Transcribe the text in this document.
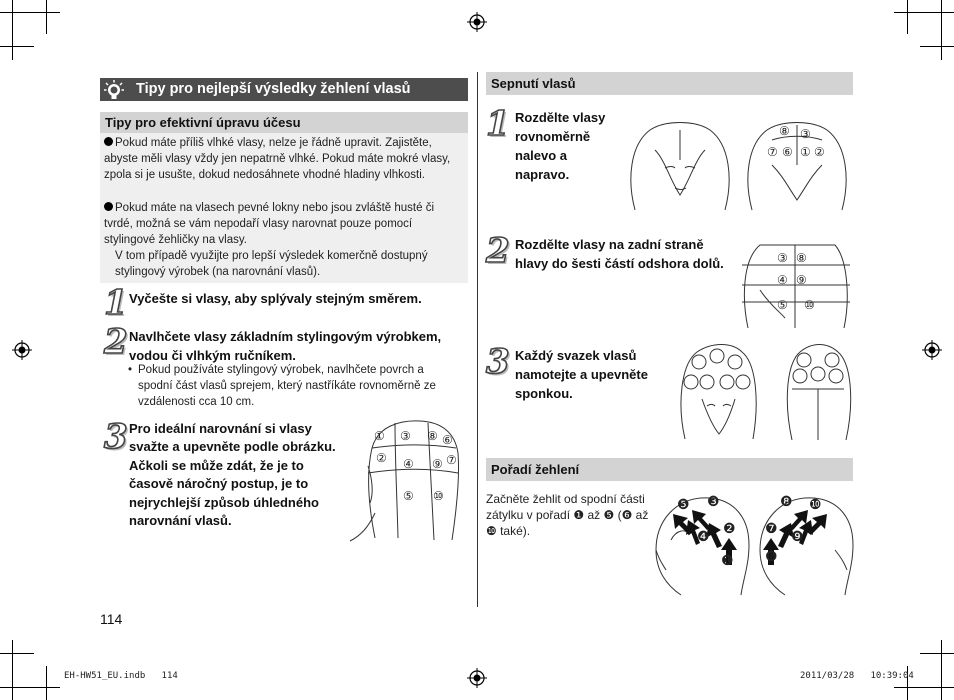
Tipy pro nejlepší výsledky žehlení vlasů
Tipy pro efektivní úpravu účesu
Pokud máte příliš vlhké vlasy, nelze je řádně upravit. Zajistěte, abyste měli vlasy vždy jen nepatrně vlhké. Pokud máte mokré vlasy, zpola si je usušte, dokud nedosáhnete vhodné hladiny vlhkosti.
Pokud máte na vlasech pevné lokny nebo jsou zvláště husté či tvrdé, možná se vám nepodaří vlasy narovnat pouze pomocí stylingové žehličky na vlasy.
V tom případě využijte pro lepší výsledek komerčně dostupný stylingový výrobek (na narovnání vlasů).
1 Vyčešte si vlasy, aby splývaly stejným směrem.
2 Navlhčete vlasy základním stylingovým výrobkem, vodou či vlhkým ručníkem.
• Pokud používáte stylingový výrobek, navlhčete povrch a spodní část vlasů sprejem, který nastříkáte rovnoměrně ze vzdálenosti cca 10 cm.
3 Pro ideální narovnání si vlasy svažte a upevněte podle obrázku. Ačkoli se může zdát, že je to časově náročný postup, je to nejrychlejší způsob úhledného narovnání vlasů.
① ③ ⑧ ⑥
② ④ ⑨ ⑦
⑤ ⑩
114
Sepnutí vlasů
1 Rozdělte vlasy rovnoměrně nalevo a napravo.
⑧ ③
⑦ ⑥ ① ②
2 Rozdělte vlasy na zadní straně hlavy do šesti částí odshora dolů.	③ ⑧
④ ⑨
⑤ ⑩
3 Každý svazek vlasů namotejte a upevněte sponkou.
Pořadí žehlení
Začněte žehlit od spodní části zátylku v pořadí ❶ až ❺ (❻ až ❿ také).
❺ ❸
❷
❹
❶
❽ ❿
❼ ❾
❻
EH-HW51_EU.indb   114	2011/03/28   10:39:04
